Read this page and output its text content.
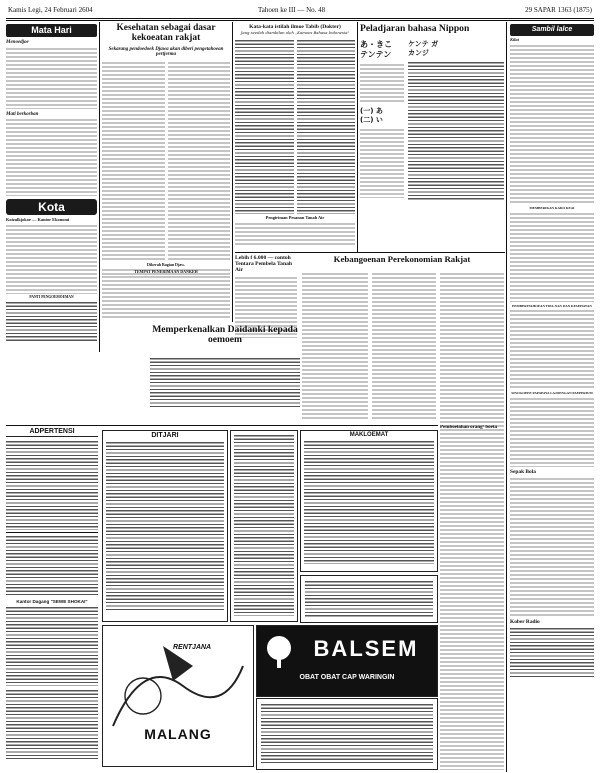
Kamis Legi, 24 Februari 2604	Tahoen ke III — No. 48	29 SAPAR 1363 (1875)
Mata Hari
Menoedjoe
Mati berkorban
Kota
Koizalkjokoe — Kantor Ekonomi
PANTI PENGOEMOEMAN
Kesehatan sebagai dasar kekoeatan rakjat
Sekarang pendoedoek Djawa akan diberi pengetahoean pertjerma
Dikerah Bagian Djaw.
Kata-kata istilah ilmoe Tabib (Dokter)
Jang seedah diambilan oleh „Kamoes Bahasa Indonesia"
Pengiriman Pesanan Tanah Air
Peladjaran bahasa Nippon
あ・きこ
テンテン
(一) あ
(二) い
ケンテ ガ
カンジ
Kebangoenan Perekonomian Rakjat
Lebih f 6.000 — contoh Tentara Pembela Tanah Air
Memperkenalkan Daidanki kepada oemoem
TEMPAT PENERIMAAN DANKEH
Pemboelahan orang² boeta
Sambil lalce
Kilat
MEMBERIKAN KADO KEAI
PEMBERITAHOEAN TIPA-NAN DAN KESEHATAN
SINOGOEEE PAPAPAYA LAJOENGAN PAEPERIUM
Sepak Bola
Kober Radio
ADPERTENSI
Kantor Dagang "SEWE SHOKAI"
DITJARI	MAKLOEMAT
RENTJANA
MALANG
BALSEM
OBAT OBAT CAP WARINGIN
